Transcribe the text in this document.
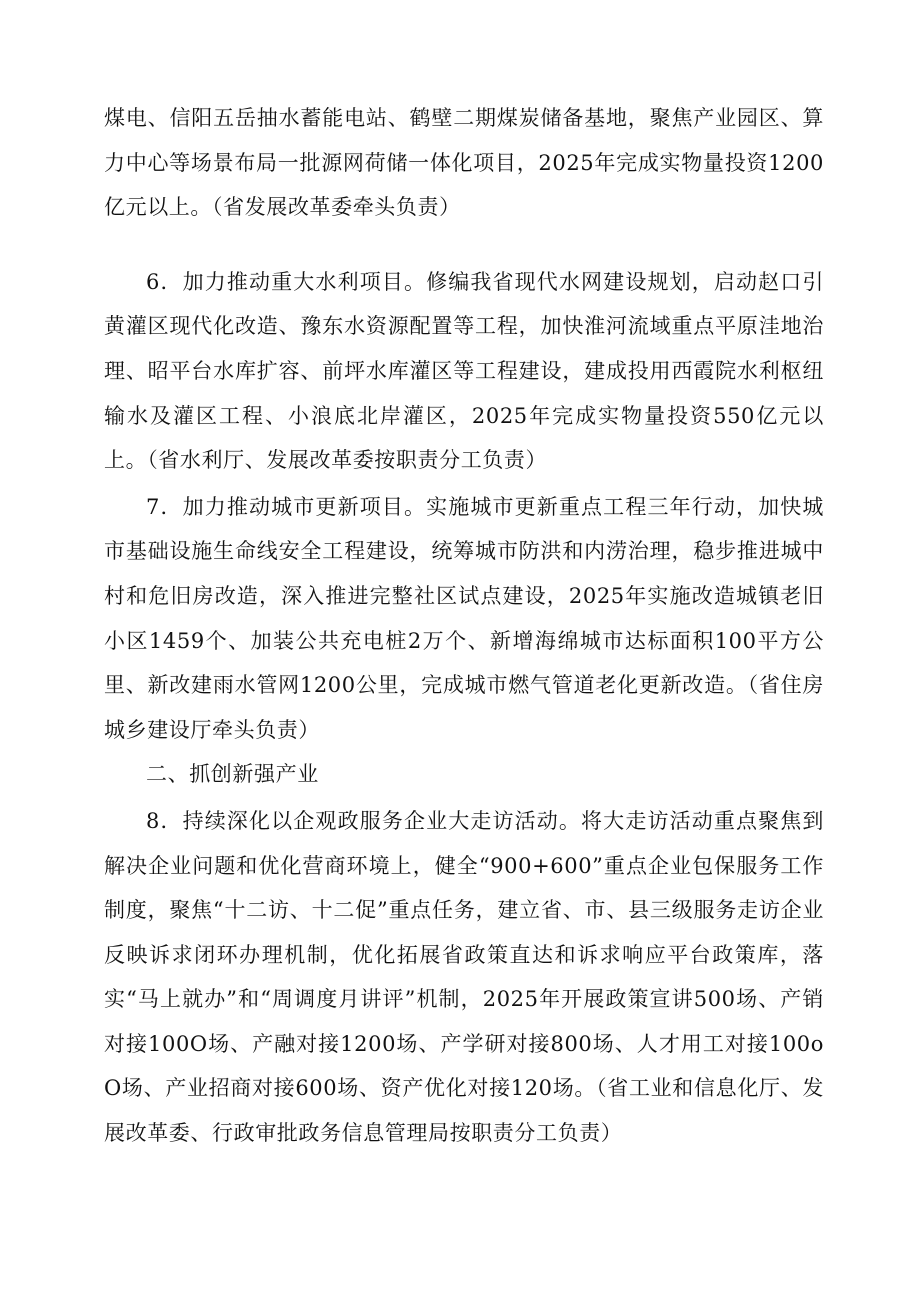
煤电、信阳五岳抽水蓄能电站、鹤壁二期煤炭储备基地，聚焦产业园区、算力中心等场景布局一批源网荷储一体化项目，2025年完成实物量投资1200亿元以上。（省发展改革委牵头负责）

6．加力推动重大水利项目。修编我省现代水网建设规划，启动赵口引黄灌区现代化改造、豫东水资源配置等工程，加快淮河流域重点平原洼地治理、昭平台水库扩容、前坪水库灌区等工程建设，建成投用西霞院水利枢纽输水及灌区工程、小浪底北岸灌区，2025年完成实物量投资550亿元以上。（省水利厅、发展改革委按职责分工负责）

7．加力推动城市更新项目。实施城市更新重点工程三年行动，加快城市基础设施生命线安全工程建设，统筹城市防洪和内涝治理，稳步推进城中村和危旧房改造，深入推进完整社区试点建设，2025年实施改造城镇老旧小区1459个、加装公共充电桩2万个、新增海绵城市达标面积100平方公里、新改建雨水管网1200公里，完成城市燃气管道老化更新改造。（省住房城乡建设厅牵头负责）

二、抓创新强产业

8．持续深化以企观政服务企业大走访活动。将大走访活动重点聚焦到解决企业问题和优化营商环境上，健全“900+600”重点企业包保服务工作制度，聚焦“十二访、十二促”重点任务，建立省、市、县三级服务走访企业反映诉求闭环办理机制，优化拓展省政策直达和诉求响应平台政策库，落实“马上就办”和“周调度月讲评”机制，2025年开展政策宣讲500场、产销对接100O场、产融对接1200场、产学研对接800场、人才用工对接100oO场、产业招商对接600场、资产优化对接120场。（省工业和信息化厅、发展改革委、行政审批政务信息管理局按职责分工负责）
